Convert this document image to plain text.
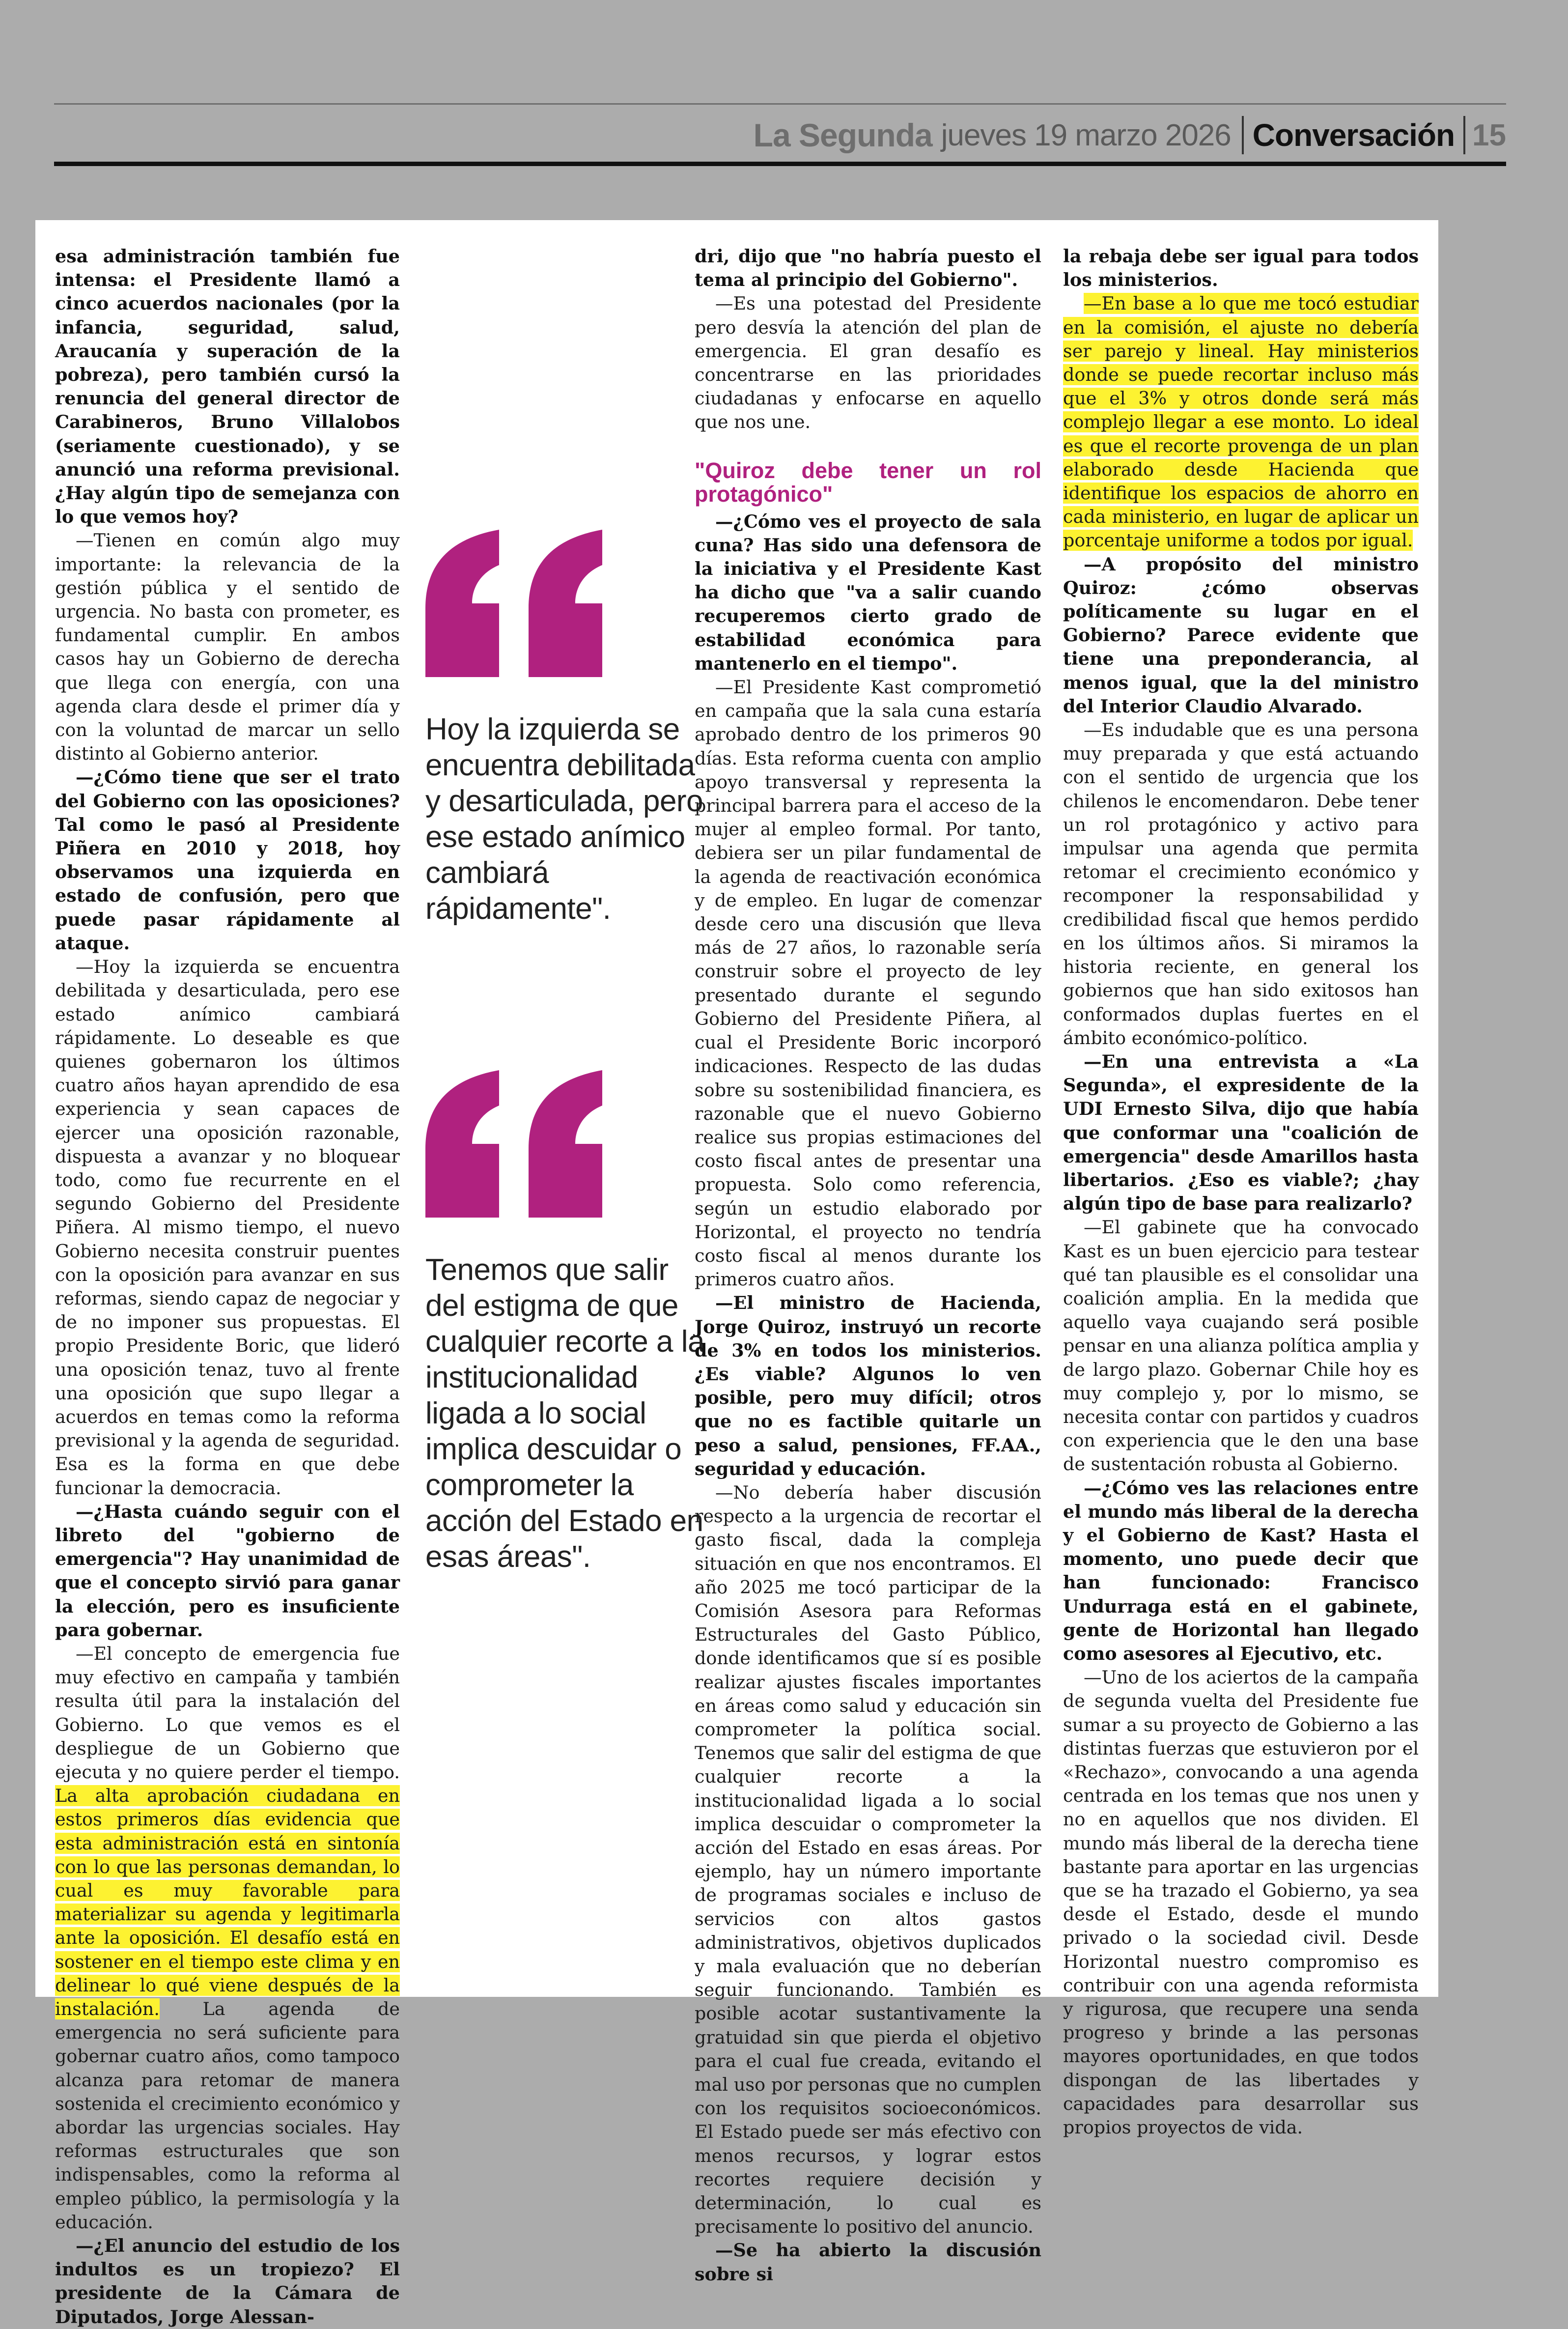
La Segunda jueves 19 marzo 2026 Conversación 15

esa administración también fue intensa: el Presidente llamó a cinco acuerdos nacionales (por la infancia, seguridad, salud, Araucanía y superación de la pobreza), pero también cursó la renuncia del general director de Carabineros, Bruno Villalobos (seriamente cuestionado), y se anunció una reforma previsional. ¿Hay algún tipo de semejanza con lo que vemos hoy?

—Tienen en común algo muy importante: la relevancia de la gestión pública y el sentido de urgencia. No basta con prometer, es fundamental cumplir. En ambos casos hay un Gobierno de derecha que llega con energía, con una agenda clara desde el primer día y con la voluntad de marcar un sello distinto al Gobierno anterior.

—¿Cómo tiene que ser el trato del Gobierno con las oposiciones? Tal como le pasó al Presidente Piñera en 2010 y 2018, hoy observamos una izquierda en estado de confusión, pero que puede pasar rápidamente al ataque.

—Hoy la izquierda se encuentra debilitada y desarticulada, pero ese estado anímico cambiará rápidamente. Lo deseable es que quienes gobernaron los últimos cuatro años hayan aprendido de esa experiencia y sean capaces de ejercer una oposición razonable, dispuesta a avanzar y no bloquear todo, como fue recurrente en el segundo Gobierno del Presidente Piñera. Al mismo tiempo, el nuevo Gobierno necesita construir puentes con la oposición para avanzar en sus reformas, siendo capaz de negociar y de no imponer sus propuestas. El propio Presidente Boric, que lideró una oposición tenaz, tuvo al frente una oposición que supo llegar a acuerdos en temas como la reforma previsional y la agenda de seguridad. Esa es la forma en que debe funcionar la democracia.

—¿Hasta cuándo seguir con el libreto del "gobierno de emergencia"? Hay unanimidad de que el concepto sirvió para ganar la elección, pero es insuficiente para gobernar.

—El concepto de emergencia fue muy efectivo en campaña y también resulta útil para la instalación del Gobierno. Lo que vemos es el despliegue de un Gobierno que ejecuta y no quiere perder el tiempo. La alta aprobación ciudadana en estos primeros días evidencia que esta administración está en sintonía con lo que las personas demandan, lo cual es muy favorable para materializar su agenda y legitimarla ante la oposición. El desafío está en sostener en el tiempo este clima y en delinear lo qué viene después de la instalación. La agenda de emergencia no será suficiente para gobernar cuatro años, como tampoco alcanza para retomar de manera sostenida el crecimiento económico y abordar las urgencias sociales. Hay reformas estructurales que son indispensables, como la reforma al empleo público, la permisología y la educación.

—¿El anuncio del estudio de los indultos es un tropiezo? El presidente de la Cámara de Diputados, Jorge Alessan-

Hoy la izquierda se encuentra debilitada y desarticulada, pero ese estado anímico cambiará rápidamente".
Tenemos que salir del estigma de que cualquier recorte a la institucionalidad ligada a lo social implica descuidar o comprometer la acción del Estado en esas áreas".

dri, dijo que "no habría puesto el tema al principio del Gobierno".

—Es una potestad del Presidente pero desvía la atención del plan de emergencia. El gran desafío es concentrarse en las prioridades ciudadanas y enfocarse en aquello que nos une.

"Quiroz debe tener un rol protagónico"

—¿Cómo ves el proyecto de sala cuna? Has sido una defensora de la iniciativa y el Presidente Kast ha dicho que "va a salir cuando recuperemos cierto grado de estabilidad económica para mantenerlo en el tiempo".

—El Presidente Kast comprometió en campaña que la sala cuna estaría aprobado dentro de los primeros 90 días. Esta reforma cuenta con amplio apoyo transversal y representa la principal barrera para el acceso de la mujer al empleo formal. Por tanto, debiera ser un pilar fundamental de la agenda de reactivación económica y de empleo. En lugar de comenzar desde cero una discusión que lleva más de 27 años, lo razonable sería construir sobre el proyecto de ley presentado durante el segundo Gobierno del Presidente Piñera, al cual el Presidente Boric incorporó indicaciones. Respecto de las dudas sobre su sostenibilidad financiera, es razonable que el nuevo Gobierno realice sus propias estimaciones del costo fiscal antes de presentar una propuesta. Solo como referencia, según un estudio elaborado por Horizontal, el proyecto no tendría costo fiscal al menos durante los primeros cuatro años.

—El ministro de Hacienda, Jorge Quiroz, instruyó un recorte de 3% en todos los ministerios. ¿Es viable? Algunos lo ven posible, pero muy difícil; otros que no es factible quitarle un peso a salud, pensiones, FF.AA., seguridad y educación.

—No debería haber discusión respecto a la urgencia de recortar el gasto fiscal, dada la compleja situación en que nos encontramos. El año 2025 me tocó participar de la Comisión Asesora para Reformas Estructurales del Gasto Público, donde identificamos que sí es posible realizar ajustes fiscales importantes en áreas como salud y educación sin comprometer la política social. Tenemos que salir del estigma de que cualquier recorte a la institucionalidad ligada a lo social implica descuidar o comprometer la acción del Estado en esas áreas. Por ejemplo, hay un número importante de programas sociales e incluso de servicios con altos gastos administrativos, objetivos duplicados y mala evaluación que no deberían seguir funcionando. También es posible acotar sustantivamente la gratuidad sin que pierda el objetivo para el cual fue creada, evitando el mal uso por personas que no cumplen con los requisitos socioeconómicos. El Estado puede ser más efectivo con menos recursos, y lograr estos recortes requiere decisión y determinación, lo cual es precisamente lo positivo del anuncio.

—Se ha abierto la discusión sobre si

la rebaja debe ser igual para todos los ministerios.

—En base a lo que me tocó estudiar en la comisión, el ajuste no debería ser parejo y lineal. Hay ministerios donde se puede recortar incluso más que el 3% y otros donde será más complejo llegar a ese monto. Lo ideal es que el recorte provenga de un plan elaborado desde Hacienda que identifique los espacios de ahorro en cada ministerio, en lugar de aplicar un porcentaje uniforme a todos por igual.

—A propósito del ministro Quiroz: ¿cómo observas políticamente su lugar en el Gobierno? Parece evidente que tiene una preponderancia, al menos igual, que la del ministro del Interior Claudio Alvarado.

—Es indudable que es una persona muy preparada y que está actuando con el sentido de urgencia que los chilenos le encomendaron. Debe tener un rol protagónico y activo para impulsar una agenda que permita retomar el crecimiento económico y recomponer la responsabilidad y credibilidad fiscal que hemos perdido en los últimos años. Si miramos la historia reciente, en general los gobiernos que han sido exitosos han conformados duplas fuertes en el ámbito económico-político.

—En una entrevista a «La Segunda», el expresidente de la UDI Ernesto Silva, dijo que había que conformar una "coalición de emergencia" desde Amarillos hasta libertarios. ¿Eso es viable?; ¿hay algún tipo de base para realizarlo?

—El gabinete que ha convocado Kast es un buen ejercicio para testear qué tan plausible es el consolidar una coalición amplia. En la medida que aquello vaya cuajando será posible pensar en una alianza política amplia y de largo plazo. Gobernar Chile hoy es muy complejo y, por lo mismo, se necesita contar con partidos y cuadros con experiencia que le den una base de sustentación robusta al Gobierno.

—¿Cómo ves las relaciones entre el mundo más liberal de la derecha y el Gobierno de Kast? Hasta el momento, uno puede decir que han funcionado: Francisco Undurraga está en el gabinete, gente de Horizontal han llegado como asesores al Ejecutivo, etc.

—Uno de los aciertos de la campaña de segunda vuelta del Presidente fue sumar a su proyecto de Gobierno a las distintas fuerzas que estuvieron por el «Rechazo», convocando a una agenda centrada en los temas que nos unen y no en aquellos que nos dividen. El mundo más liberal de la derecha tiene bastante para aportar en las urgencias que se ha trazado el Gobierno, ya sea desde el Estado, desde el mundo privado o la sociedad civil. Desde Horizontal nuestro compromiso es contribuir con una agenda reformista y rigurosa, que recupere una senda progreso y brinde a las personas mayores oportunidades, en que todos dispongan de las libertades y capacidades para desarrollar sus propios proyectos de vida.
